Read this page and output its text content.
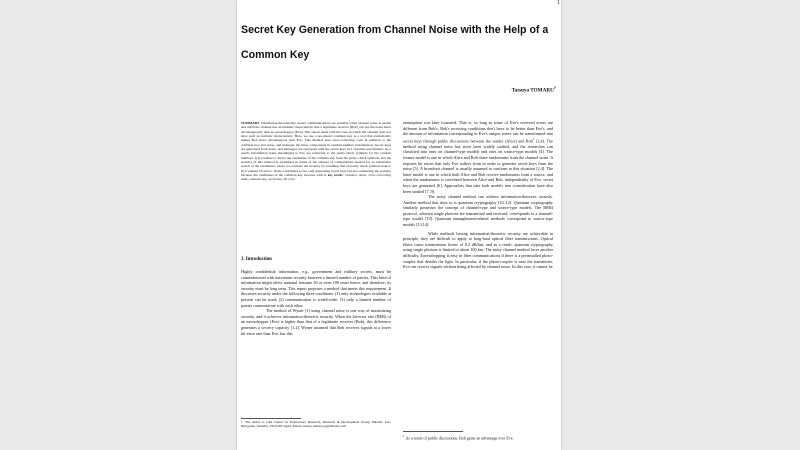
1
Secret Key Generation from Channel Noise with the Help of a Common Key
Tatsuya TOMARU†
SUMMARY Information-theoretically secure communications are possible when channel noise is usable and when the channel has an intrinsic characteristic that a legitimate receiver (Bob) can use the noise more advantageously than an eavesdropper (Eve). This report deals with the case in which the channel does not have such an intrinsic characteristic. Here, we use a pre-shared common key as a tool that extrinsically makes Bob more advantageous than Eve. This method uses error-correcting code in addition to the common key and noise, and manages the three components in random-number transmission. Secret keys are generated from noise, and messages are encrypted with the secret keys in a one-time pad manner. As a result, information leaks meaningful to Eve are restricted to the parity-check symbols for the random numbers. It is possible to derive the candidates of the common key from the parity-check symbols, and the security of this method is quantified in terms of the amount of computations needed for an exhaustive search of the candidates, where we evaluate the security by assuming that all parity check symbols leak to Eve without bit errors. Noise contributes to not only generating secret keys but also enhancing the security because the candidates of the common key increase with it. key words: Channel, noise, error-correcting code, common key, secret key, bit error
1. Introduction

Highly confidential information, e.g., government and military secrets, must be communicated with maximum security between a limited number of parties. This kind of information might affect national fortunes 50 or even 100 years hence, and therefore, its security must be long term. This report proposes a method that meets this requirement. It discusses security under the following three conditions: (1) only technologies available at present can be used; (2) communication is world-wide; (3) only a limited number of parties communicate with each other.

The method of Wyner [1] using channel noise is one way of maximizing security, and it achieves information-theoretic security. When the bit-error rate (BER) of an eavesdropper (Eve) is higher than that of a legitimate receiver (Bob), this difference generates a secrecy capacity [1,2]. Wyner assumed that Bob receives signals at a lower bit-error rate than Eve, but this

assumption was later loosened. That is, so long as some of Eve's received errors are different from Bob's, Bob's receiving conditions don't have to be better than Eve's, and the amount of information corresponding to Eve's unique errors can be transformed into secret keys through public discussions between the sender (Alice) and Bob$^1$ [3,4]. The method using channel noise has since been widely studied, and the researches can classified into ones on channel-type models and ones on source-type models [4]. The former model is one in which Alice and Bob share randomness from the channel noise. It requires bit errors that only Eve suffers from in order to generate secret keys from the noise [5]. A broadcast channel is usually assumed to conform to this situation [2,4]. The latter model is one in which both Alice and Bob receive randomness from a source, and when the randomness is correlated between Alice and Bob, independently of Eve, secret keys are generated [6]. Approaches that take both models into consideration have also been studied [7–9].

The noisy channel method can achieve information-theoretic security. Another method that does so is quantum cryptography [10–12]. Quantum cryptography similarly possesses the concept of channel-type and source-type models. The BB84 protocol, wherein single photons are transmitted and received, corresponds to a channel-type model [10]. Quantum entanglement-related methods correspond to source-type models [13,14].

While methods having information-theoretic security are achievable in principle, they are difficult to apply to long-haul optical fiber transmissions. Optical fibers cause transmission losses of 0.2 dB/km, and as a result, quantum cryptography using single photons is limited to about 100 km. The noisy channel method faces another difficulty. Eavesdropping is easy in fiber communications if there is a preinstalled photo-coupler that divides the light. In particular, if the photo-coupler is near the transmitter, Eve can receive signals without being affected by channel noise. In this case, it cannot be

† The author is with Center for Exploratory Research, Research & Development Group, Hitachi, Ltd., Hatoyama, Saitama, 350-0395 Japan. Email: tatsuya.tomaru.yg@hitachi.com
$^1$ As a result of public discussions, Bob gains an advantage over Eve.
